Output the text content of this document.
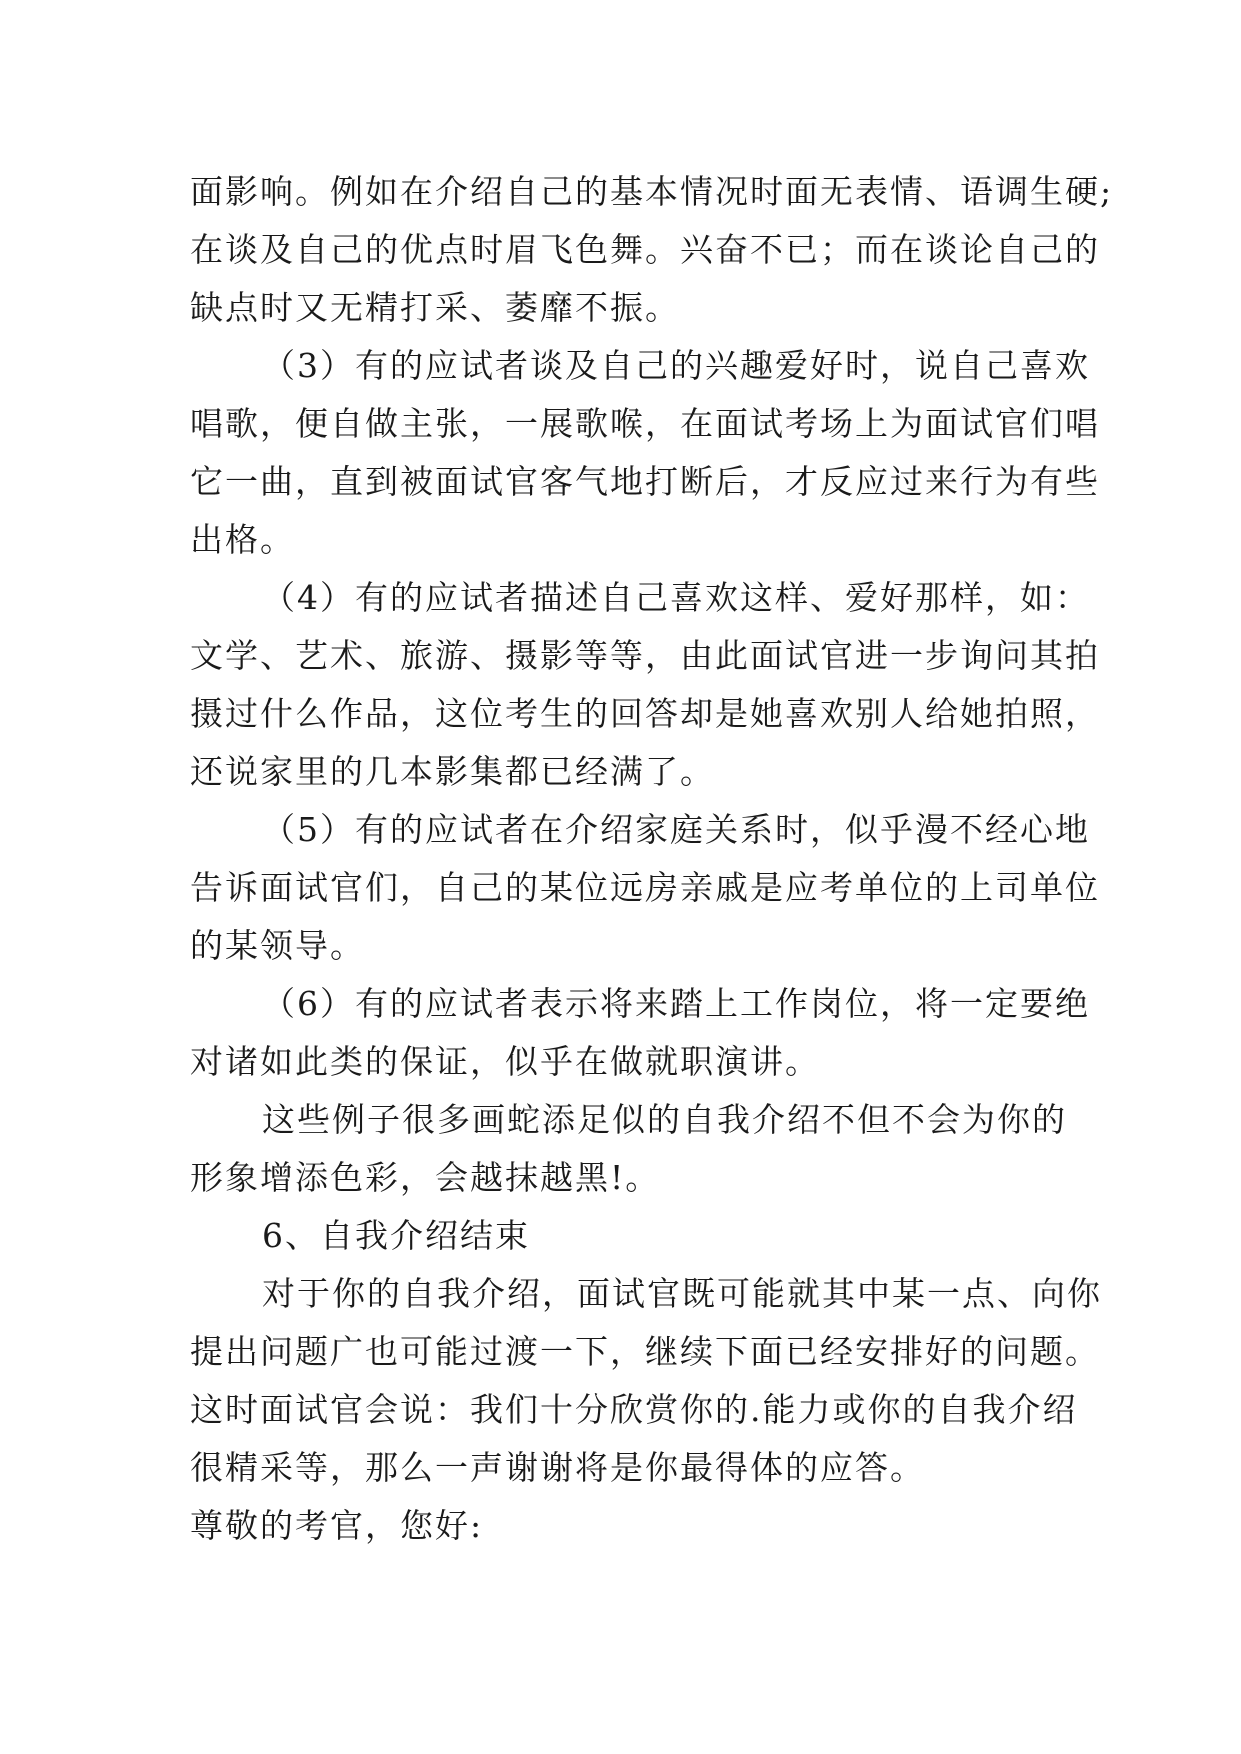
面影响。例如在介绍自己的基本情况时面无表情、语调生硬;
在谈及自己的优点时眉飞色舞。兴奋不已；而在谈论自己的
缺点时又无精打采、萎靡不振。
（3）有的应试者谈及自己的兴趣爱好时，说自己喜欢
唱歌，便自做主张，一展歌喉，在面试考场上为面试官们唱
它一曲，直到被面试官客气地打断后，才反应过来行为有些
出格。
（4）有的应试者描述自己喜欢这样、爱好那样，如：
文学、艺术、旅游、摄影等等，由此面试官进一步询问其拍
摄过什么作品，这位考生的回答却是她喜欢别人给她拍照，
还说家里的几本影集都已经满了。
（5）有的应试者在介绍家庭关系时，似乎漫不经心地
告诉面试官们，自己的某位远房亲戚是应考单位的上司单位
的某领导。
（6）有的应试者表示将来踏上工作岗位，将一定要绝
对诸如此类的保证，似乎在做就职演讲。
这些例子很多画蛇添足似的自我介绍不但不会为你的
形象增添色彩，会越抹越黑!。
6、自我介绍结束
对于你的自我介绍，面试官既可能就其中某一点、向你
提出问题广也可能过渡一下，继续下面已经安排好的问题。
这时面试官会说：我们十分欣赏你的.能力或你的自我介绍
很精采等，那么一声谢谢将是你最得体的应答。
尊敬的考官，您好:
